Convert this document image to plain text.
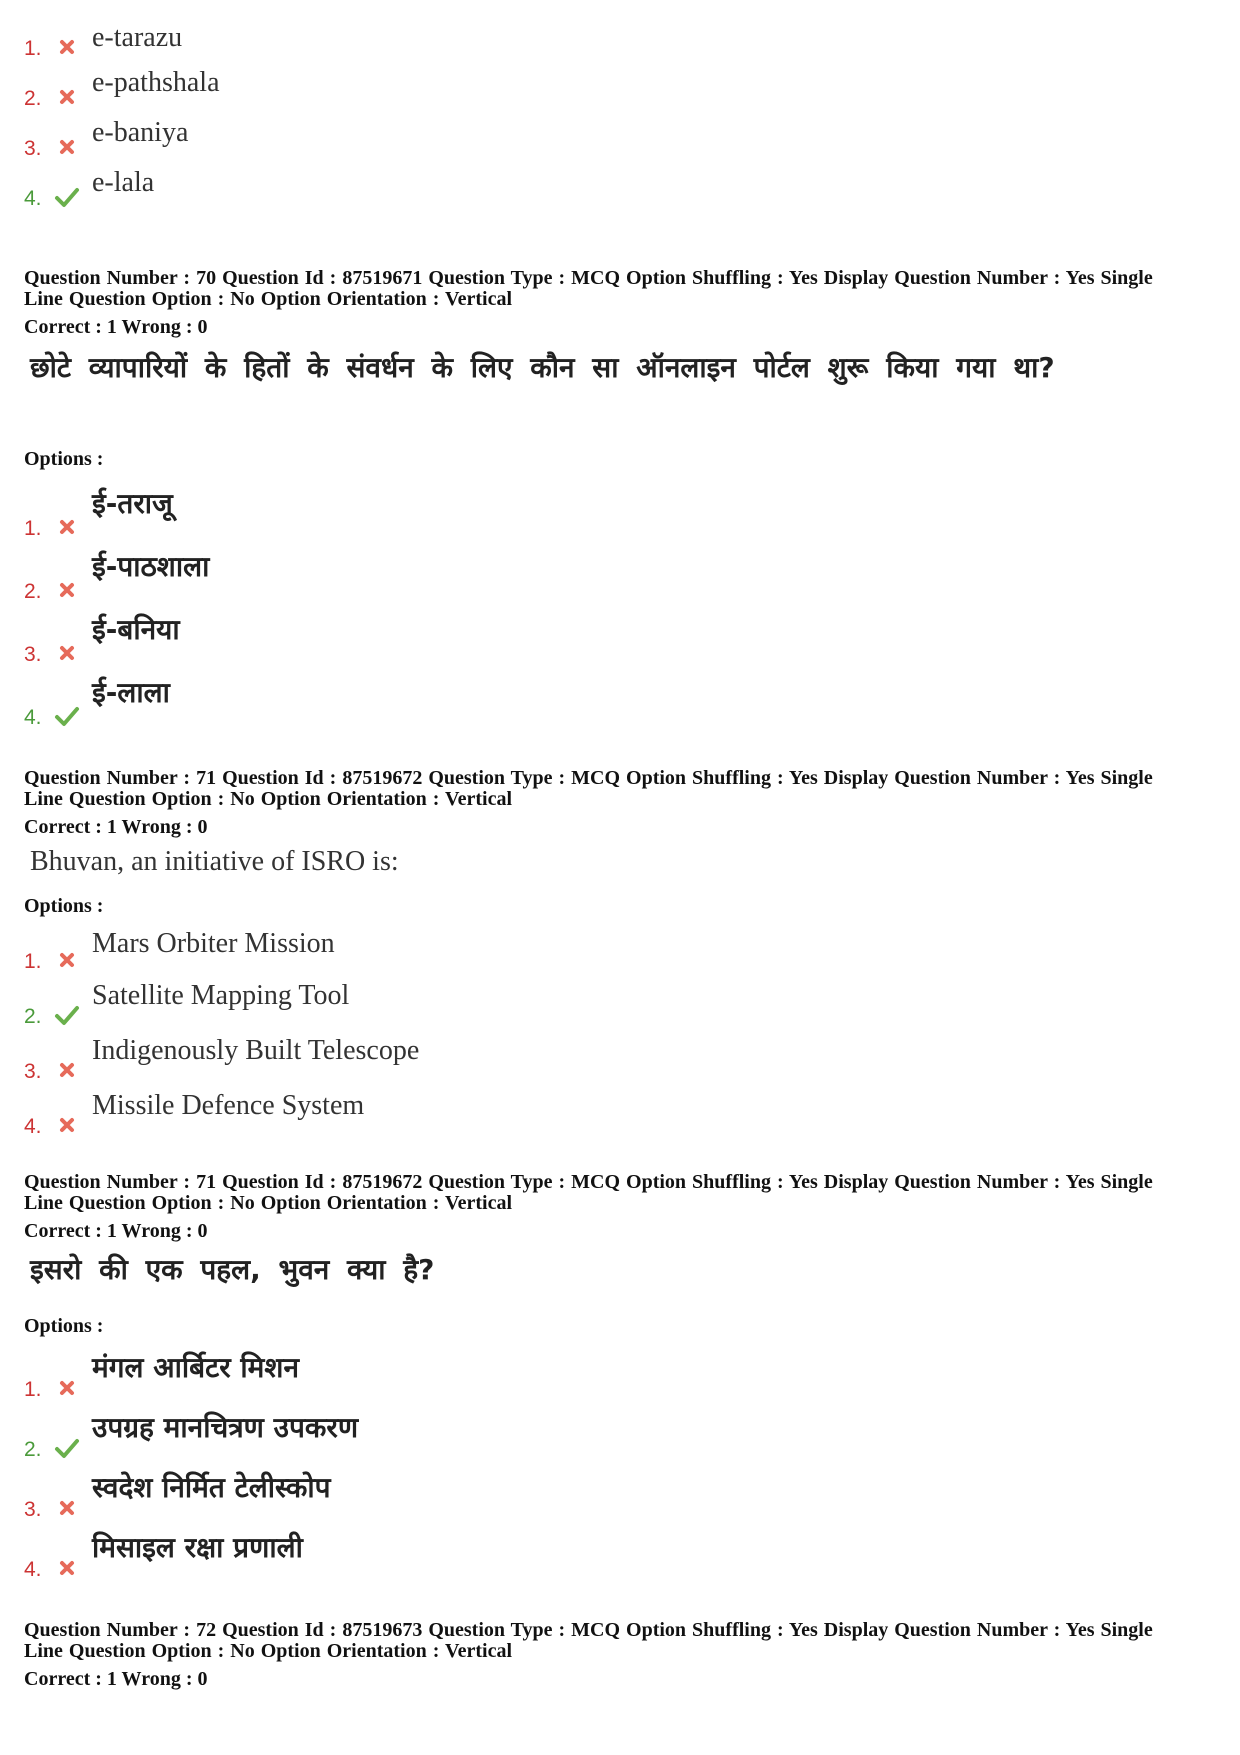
1. e-tarazu
2.
e-pathshala
3.
e-baniya
4.
e-lala
Question Number : 70 Question Id : 87519671 Question Type : MCQ Option Shuffling : Yes Display Question Number : Yes Single
Line Question Option : No Option Orientation : Vertical
Correct : 1 Wrong : 0
छोटे व्यापारियों के हितों के संवर्धन के लिए कौन सा ऑनलाइन पोर्टल शुरू किया गया था?
Options :
1.
ई-तराजू
2.
ई-पाठशाला
3.
ई-बनिया
4.
ई-लाला
Question Number : 71 Question Id : 87519672 Question Type : MCQ Option Shuffling : Yes Display Question Number : Yes Single
Line Question Option : No Option Orientation : Vertical
Correct : 1 Wrong : 0
Bhuvan, an initiative of ISRO is:
Options :
1.
Mars Orbiter Mission
2.
Satellite Mapping Tool
3.
Indigenously Built Telescope
4.
Missile Defence System
Question Number : 71 Question Id : 87519672 Question Type : MCQ Option Shuffling : Yes Display Question Number : Yes Single
Line Question Option : No Option Orientation : Vertical
Correct : 1 Wrong : 0
इसरो की एक पहल, भुवन क्या है?
Options :
1.
मंगल आर्बिटर मिशन
2.
उपग्रह मानचित्रण उपकरण
3.
स्वदेश निर्मित टेलीस्कोप
4.
मिसाइल रक्षा प्रणाली
Question Number : 72 Question Id : 87519673 Question Type : MCQ Option Shuffling : Yes Display Question Number : Yes Single
Line Question Option : No Option Orientation : Vertical
Correct : 1 Wrong : 0
